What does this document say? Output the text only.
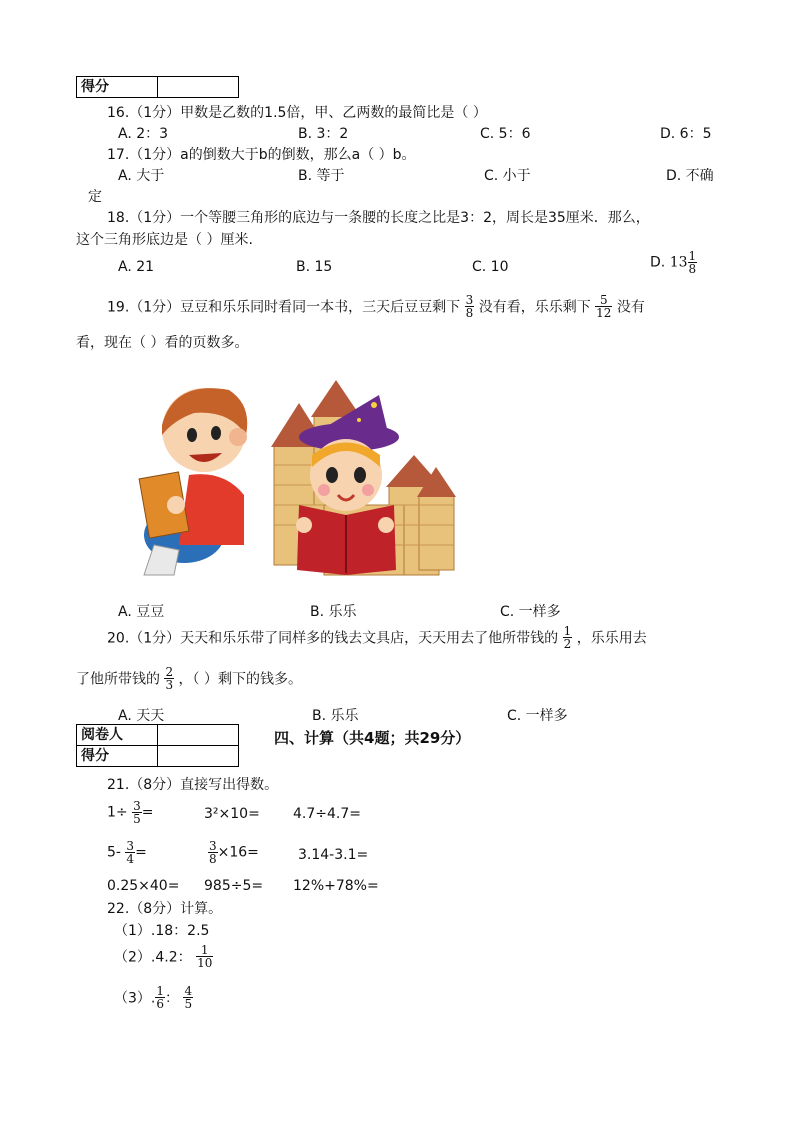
得分	
16.（1分）甲数是乙数的1.5倍，甲、乙两数的最简比是（ ）
A. 2：3	B. 3：2	C. 5：6	D. 6：5
17.（1分）a的倒数大于b的倒数，那么a（ ）b。
A. 大于	B. 等于	C. 小于	D. 不确
定
18.（1分）一个等腰三角形的底边与一条腰的长度之比是3：2，周长是35厘米．那么，
这个三角形底边是（ ）厘米.
A. 21	B. 15	C. 10	D. $13 \frac{1}{8}$
19.（1分）豆豆和乐乐同时看同一本书，三天后豆豆剩下 $\frac{3}{8}$ 没有看，乐乐剩下 $\frac{5}{12}$ 没有
看，现在（ ）看的页数多。
A. 豆豆	B. 乐乐	C. 一样多
20.（1分）天天和乐乐带了同样多的钱去文具店，天天用去了他所带钱的 $\frac{1}{2}$ ，乐乐用去
了他所带钱的 $\frac{2}{3}$ ，（ ）剩下的钱多。
A. 天天	B. 乐乐	C. 一样多
阅卷人	
得分	
四、计算（共4题；共29分）
21.（8分）直接写出得数。
$1\div \frac{3}{5}$ =	3²×10= 4.7÷4.7=
$5- \frac{3}{4}$ =	$\frac{3}{8} \times 16=$	3.14-3.1=
0.25×40= 985÷5= 12%+78%=
22.（8分）计算。
（1）.18：2.5
（2）.4.2： $\frac{1}{10}$
（3）. $\frac{1}{6}$ ： $\frac{4}{5}$
